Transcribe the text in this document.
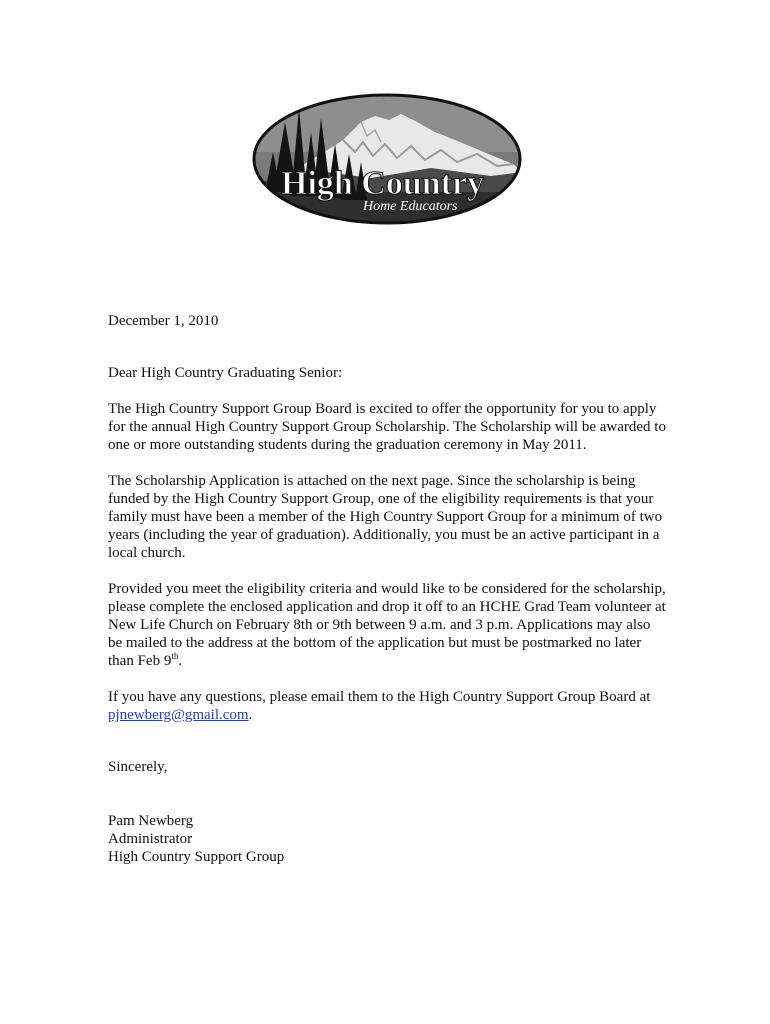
High Country
Home Educators

December 1, 2010

Dear High Country Graduating Senior:

The High Country Support Group Board is excited to offer the opportunity for you to apply for the annual High Country Support Group Scholarship. The Scholarship will be awarded to one or more outstanding students during the graduation ceremony in May 2011.

The Scholarship Application is attached on the next page. Since the scholarship is being funded by the High Country Support Group, one of the eligibility requirements is that your family must have been a member of the High Country Support Group for a minimum of two years (including the year of graduation). Additionally, you must be an active participant in a local church.

Provided you meet the eligibility criteria and would like to be considered for the scholarship, please complete the enclosed application and drop it off to an HCHE Grad Team volunteer at New Life Church on February 8th or 9th between 9 a.m. and 3 p.m. Applications may also be mailed to the address at the bottom of the application but must be postmarked no later than Feb 9th.

If you have any questions, please email them to the High Country Support Group Board at pjnewberg@gmail.com.

Sincerely,

Pam Newberg

Administrator

High Country Support Group
